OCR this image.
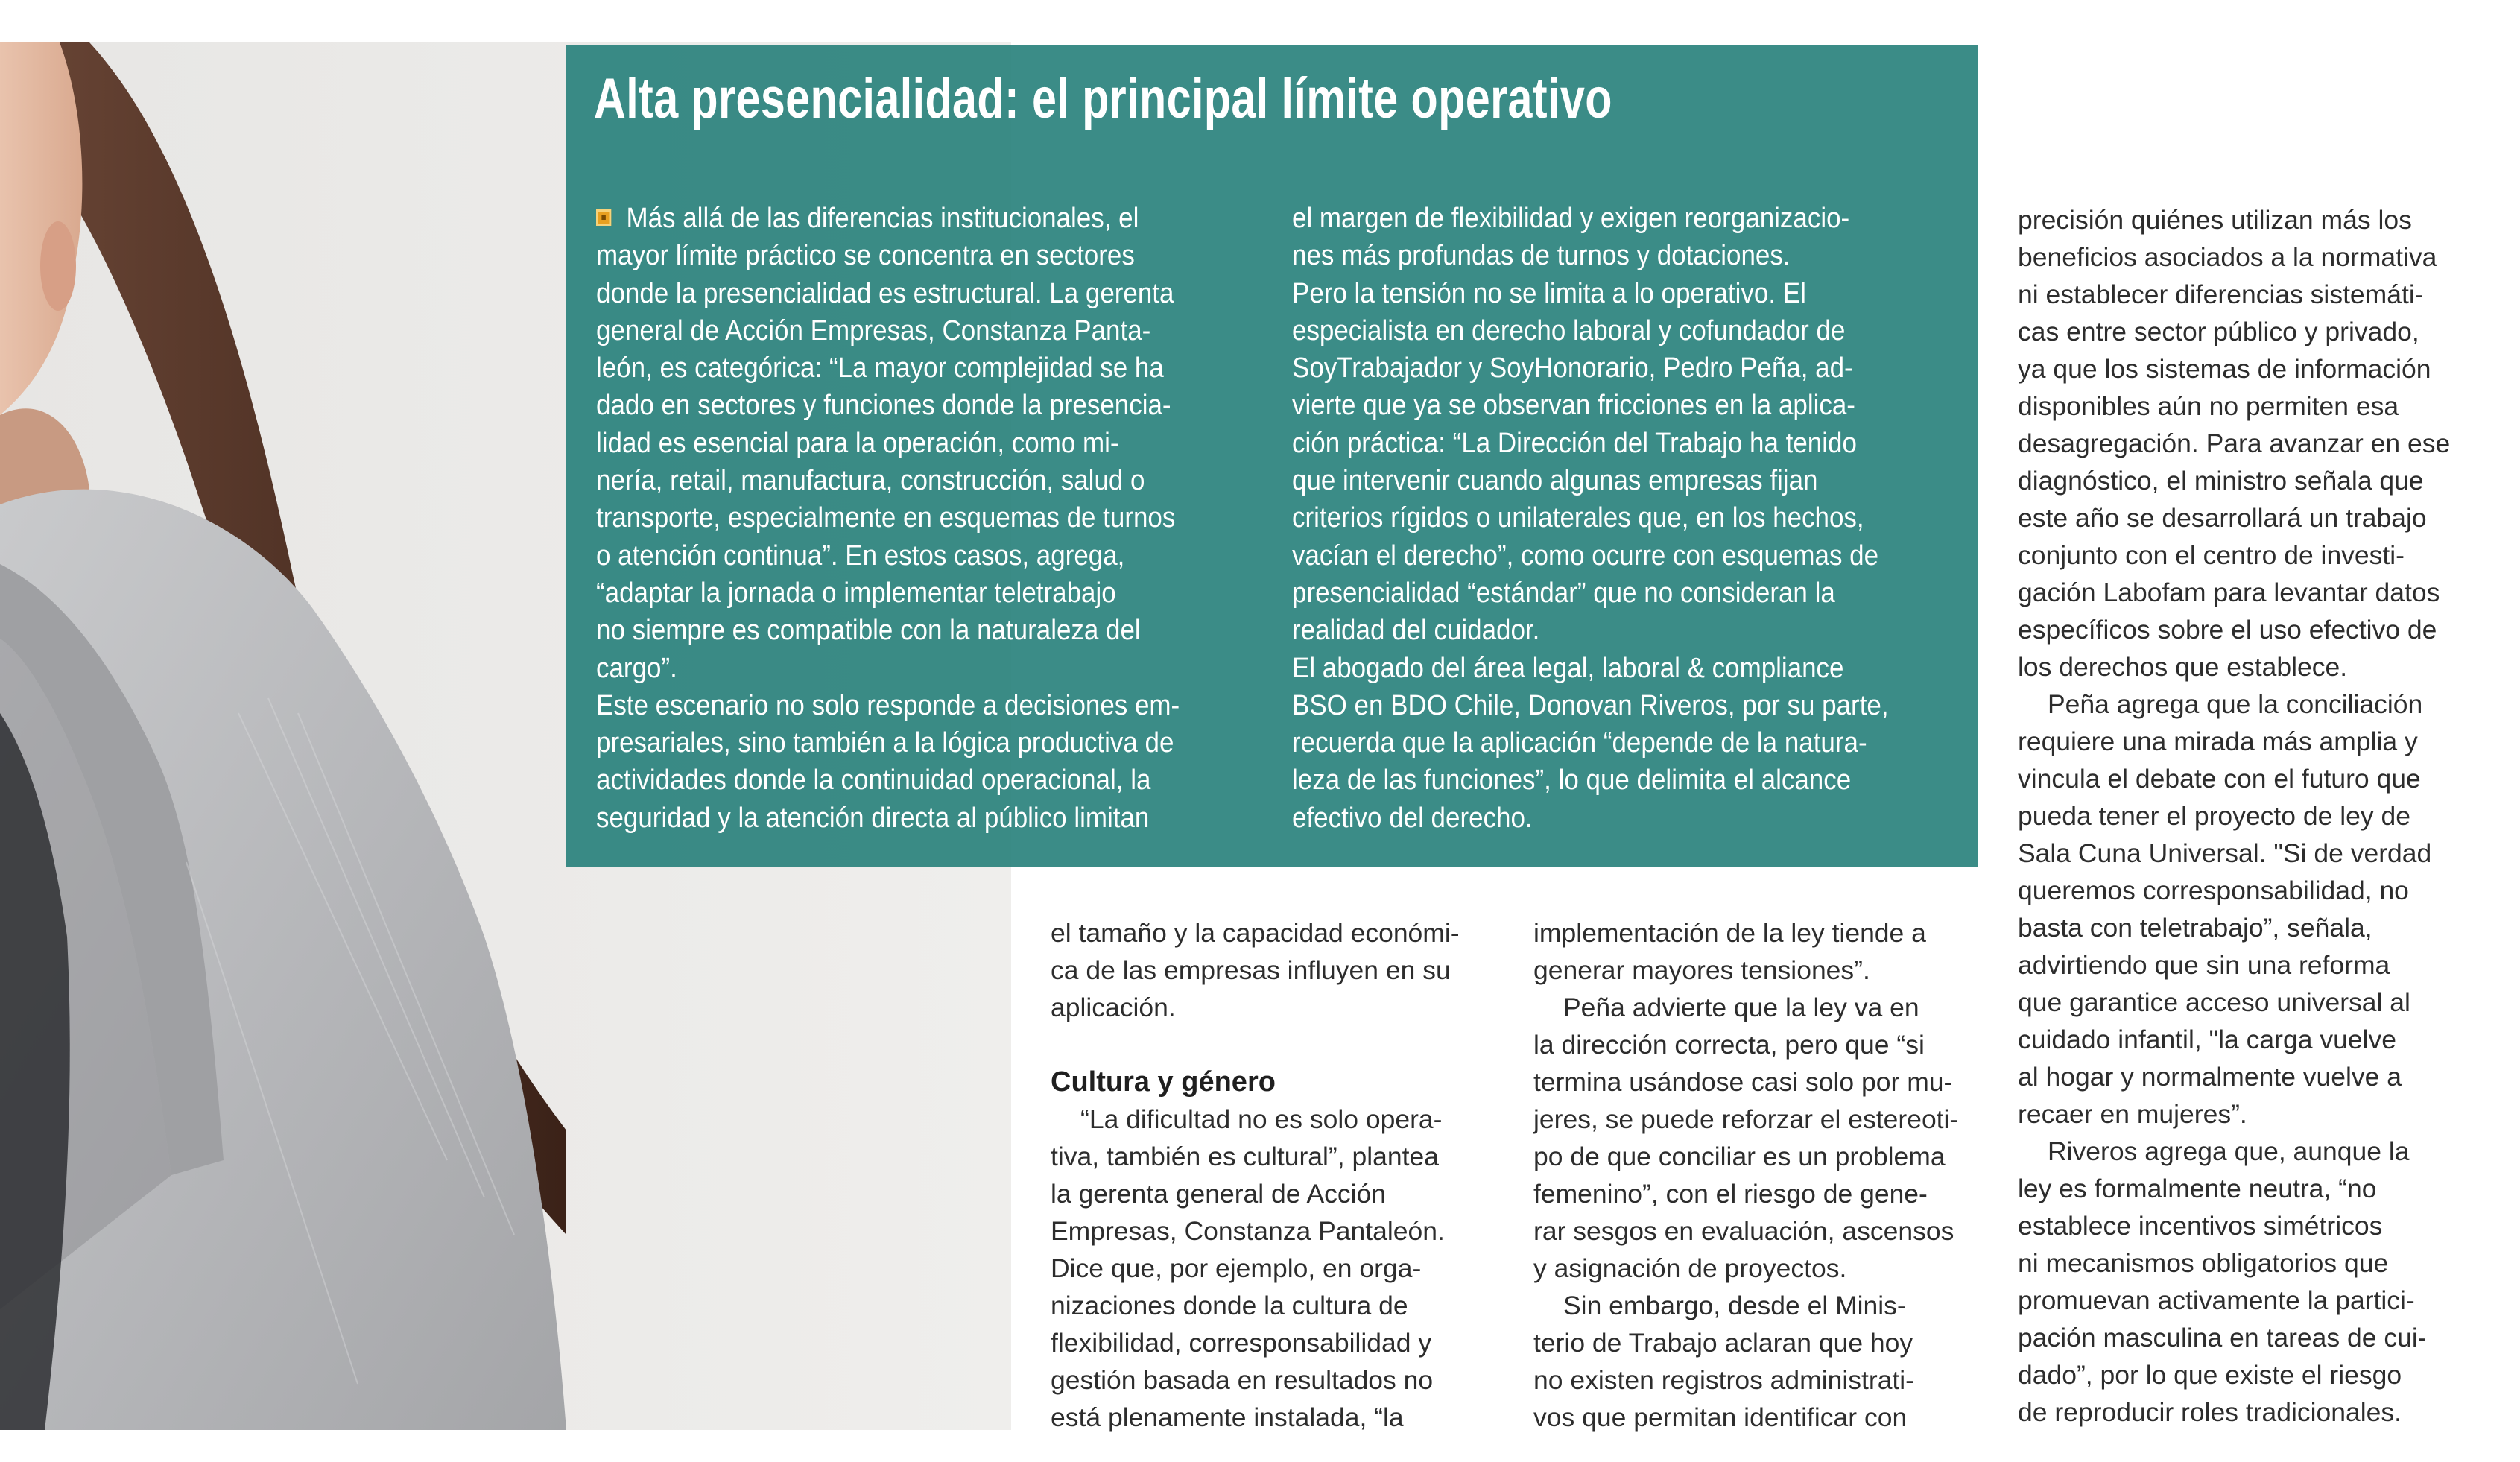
Alta presencialidad: el principal límite operativo
Más allá de las diferencias institucionales, el
mayor límite práctico se concentra en sectores
donde la presencialidad es estructural. La gerenta
general de Acción Empresas, Constanza Panta-
león, es categórica: “La mayor complejidad se ha
dado en sectores y funciones donde la presencia-
lidad es esencial para la operación, como mi-
nería, retail, manufactura, construcción, salud o
transporte, especialmente en esquemas de turnos
o atención continua”. En estos casos, agrega,
“adaptar la jornada o implementar teletrabajo
no siempre es compatible con la naturaleza del
cargo”.
Este escenario no solo responde a decisiones em-
presariales, sino también a la lógica productiva de
actividades donde la continuidad operacional, la
seguridad y la atención directa al público limitan
el margen de flexibilidad y exigen reorganizacio-
nes más profundas de turnos y dotaciones.
Pero la tensión no se limita a lo operativo. El
especialista en derecho laboral y cofundador de
SoyTrabajador y SoyHonorario, Pedro Peña, ad-
vierte que ya se observan fricciones en la aplica-
ción práctica: “La Dirección del Trabajo ha tenido
que intervenir cuando algunas empresas fijan
criterios rígidos o unilaterales que, en los hechos,
vacían el derecho”, como ocurre con esquemas de
presencialidad “estándar” que no consideran la
realidad del cuidador.
El abogado del área legal, laboral & compliance
BSO en BDO Chile, Donovan Riveros, por su parte,
recuerda que la aplicación “depende de la natura-
leza de las funciones”, lo que delimita el alcance
efectivo del derecho.
el tamaño y la capacidad económi-
ca de las empresas influyen en su
aplicación.
Cultura y género
“La dificultad no es solo opera-
tiva, también es cultural”, plantea
la gerenta general de Acción
Empresas, Constanza Pantaleón.
Dice que, por ejemplo, en orga-
nizaciones donde la cultura de
flexibilidad, corresponsabilidad y
gestión basada en resultados no
está plenamente instalada, “la
implementación de la ley tiende a
generar mayores tensiones”.
Peña advierte que la ley va en
la dirección correcta, pero que “si
termina usándose casi solo por mu-
jeres, se puede reforzar el estereoti-
po de que conciliar es un problema
femenino”, con el riesgo de gene-
rar sesgos en evaluación, ascensos
y asignación de proyectos.
Sin embargo, desde el Minis-
terio de Trabajo aclaran que hoy
no existen registros administrati-
vos que permitan identificar con
precisión quiénes utilizan más los
beneficios asociados a la normativa
ni establecer diferencias sistemáti-
cas entre sector público y privado,
ya que los sistemas de información
disponibles aún no permiten esa
desagregación. Para avanzar en ese
diagnóstico, el ministro señala que
este año se desarrollará un trabajo
conjunto con el centro de investi-
gación Labofam para levantar datos
específicos sobre el uso efectivo de
los derechos que establece.
Peña agrega que la conciliación
requiere una mirada más amplia y
vincula el debate con el futuro que
pueda tener el proyecto de ley de
Sala Cuna Universal. "Si de verdad
queremos corresponsabilidad, no
basta con teletrabajo”, señala,
advirtiendo que sin una reforma
que garantice acceso universal al
cuidado infantil, "la carga vuelve
al hogar y normalmente vuelve a
recaer en mujeres”.
Riveros agrega que, aunque la
ley es formalmente neutra, “no
establece incentivos simétricos
ni mecanismos obligatorios que
promuevan activamente la partici-
pación masculina en tareas de cui-
dado”, por lo que existe el riesgo
de reproducir roles tradicionales.
